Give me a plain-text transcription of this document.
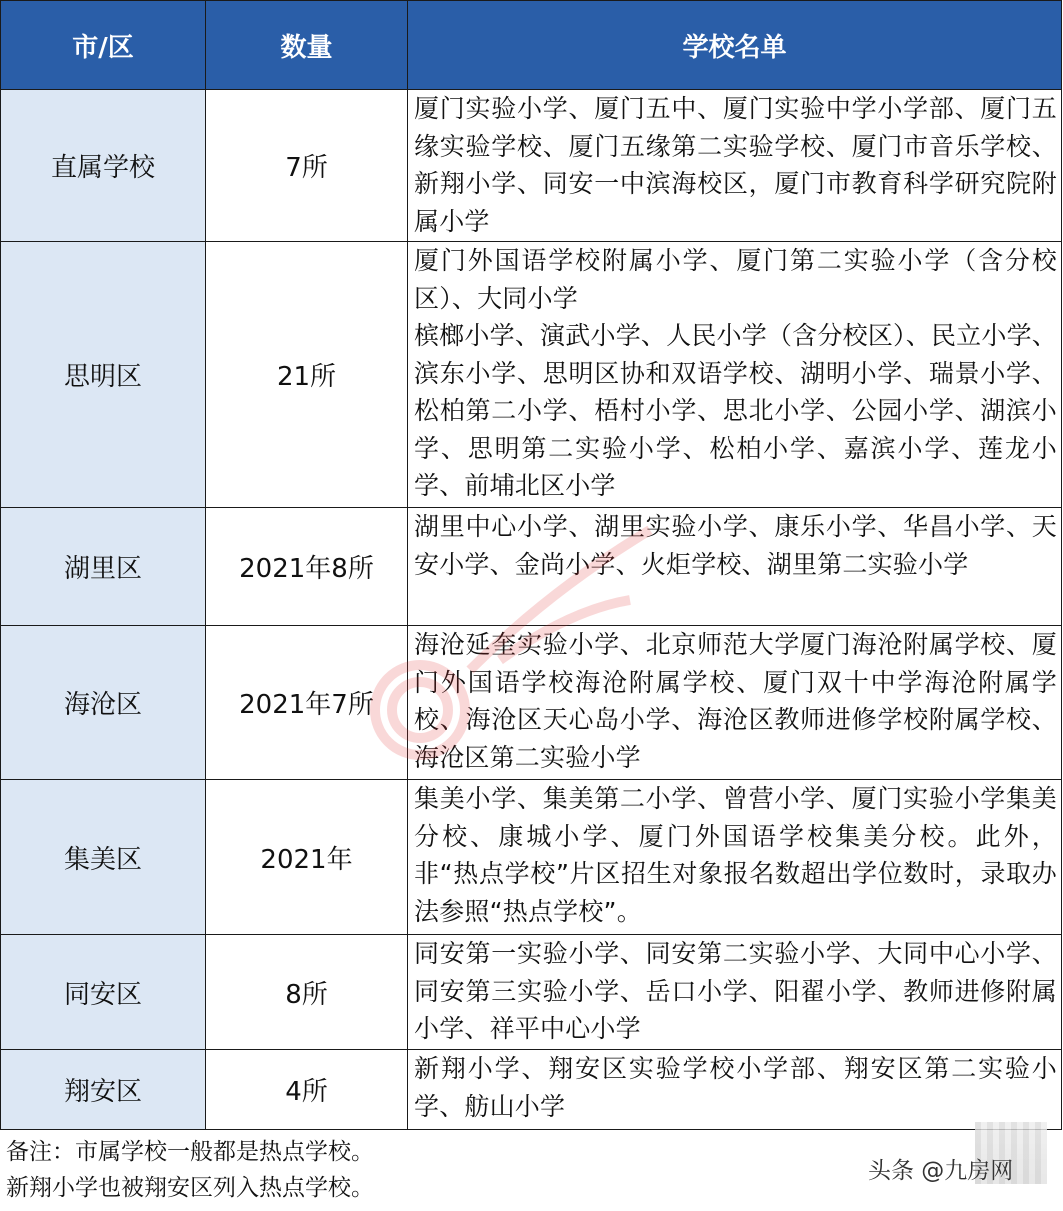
市/区	数量	学校名单
直属学校	7所	厦门实验小学、厦门五中、厦门实验中学小学部、厦门五缘实验学校、厦门五缘第二实验学校、厦门市音乐学校、新翔小学、同安一中滨海校区，厦门市教育科学研究院附属小学

思明区	21所	厦门外国语学校附属小学、厦门第二实验小学（含分校区）、大同小学
槟榔小学、演武小学、人民小学（含分校区）、民立小学、滨东小学、思明区协和双语学校、湖明小学、瑞景小学、松柏第二小学、梧村小学、思北小学、公园小学、湖滨小学、思明第二实验小学、松柏小学、嘉滨小学、莲龙小学、前埔北区小学

湖里区	2021年8所	湖里中心小学、湖里实验小学、康乐小学、华昌小学、天安小学、金尚小学、火炬学校、湖里第二实验小学

海沧区	2021年7所	海沧延奎实验小学、北京师范大学厦门海沧附属学校、厦门外国语学校海沧附属学校、厦门双十中学海沧附属学校、海沧区天心岛小学、海沧区教师进修学校附属学校、海沧区第二实验小学

集美区	2021年	集美小学、集美第二小学、曾营小学、厦门实验小学集美分校、康城小学、厦门外国语学校集美分校。此外，非“热点学校”片区招生对象报名数超出学位数时，录取办法参照“热点学校”。

同安区	8所	同安第一实验小学、同安第二实验小学、大同中心小学、同安第三实验小学、岳口小学、阳翟小学、教师进修附属小学、祥平中心小学

翔安区	4所	新翔小学、翔安区实验学校小学部、翔安区第二实验小学、舫山小学
备注：市属学校一般都是热点学校。
新翔小学也被翔安区列入热点学校。
头条 @九房网
